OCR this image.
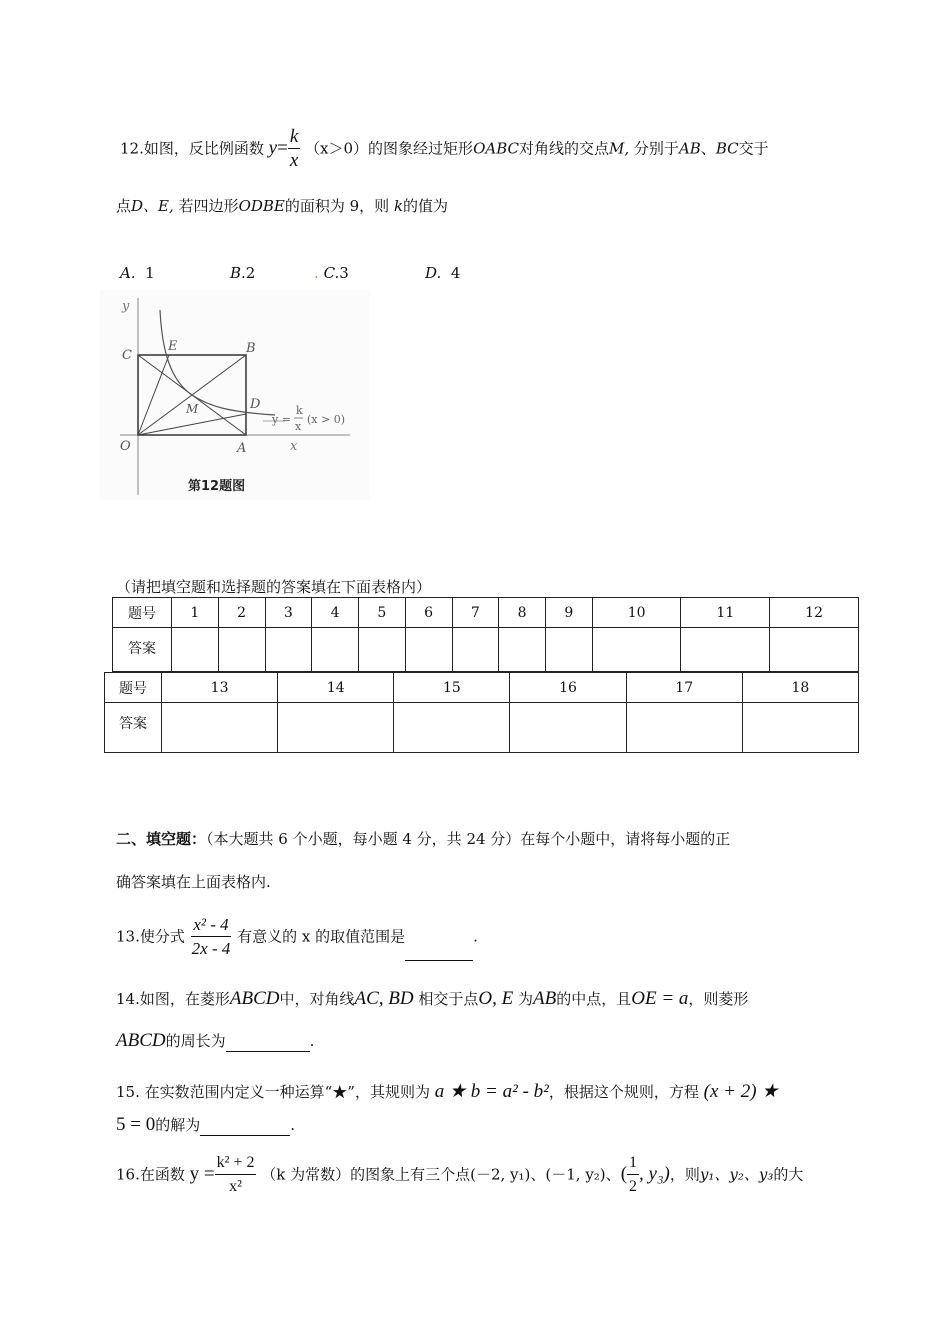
12.如图，反比例函数 $y= \frac{k}{x} (x>0)$的图象经过矩形OABC对角线的交点M, 分别于AB、BC交于
点D、E, 若四边形ODBE的面积为 9，则 k的值为
A. 1	B.2	. C.3	D. 4
y
x
C
E	B
D
M
O	A
y =
k
x
(x > 0)
第12题图
（请把填空题和选择题的答案填在下面表格内）
题号	1	2	3	4	5	6	7	8	9	10	11	12
答案												
题号	13	14	15	16	17	18
答案						
二、填空题：（本大题共 6 个小题，每小题 4 分，共 24 分）在每个小题中，请将每小题的正
确答案填在上面表格内.
13.使分式 $\frac{\text{x² - 4}}{2x - 4}$ 有意义的 x 的取值范围是	.
14.如图，在菱形ABCD中，对角线AC, BD 相交于点O, E 为AB的中点，且OE = a，则菱形
ABCD的周长为	.
15. 在实数范围内定义一种运算“★”，其规则为 a ★ b = a² - b²，根据这个规则，方程 (x + 2) ★
5 = 0的解为	.
16.在函数 $y = \frac{\text{k² + 2}}{\text{x²}} (k$ 为常数）的图象上有三个点(－2, y₁)、(－1, y₂)、( $\frac{1}{2}$ , y₃)，则y₁、y₂、y₃的大
